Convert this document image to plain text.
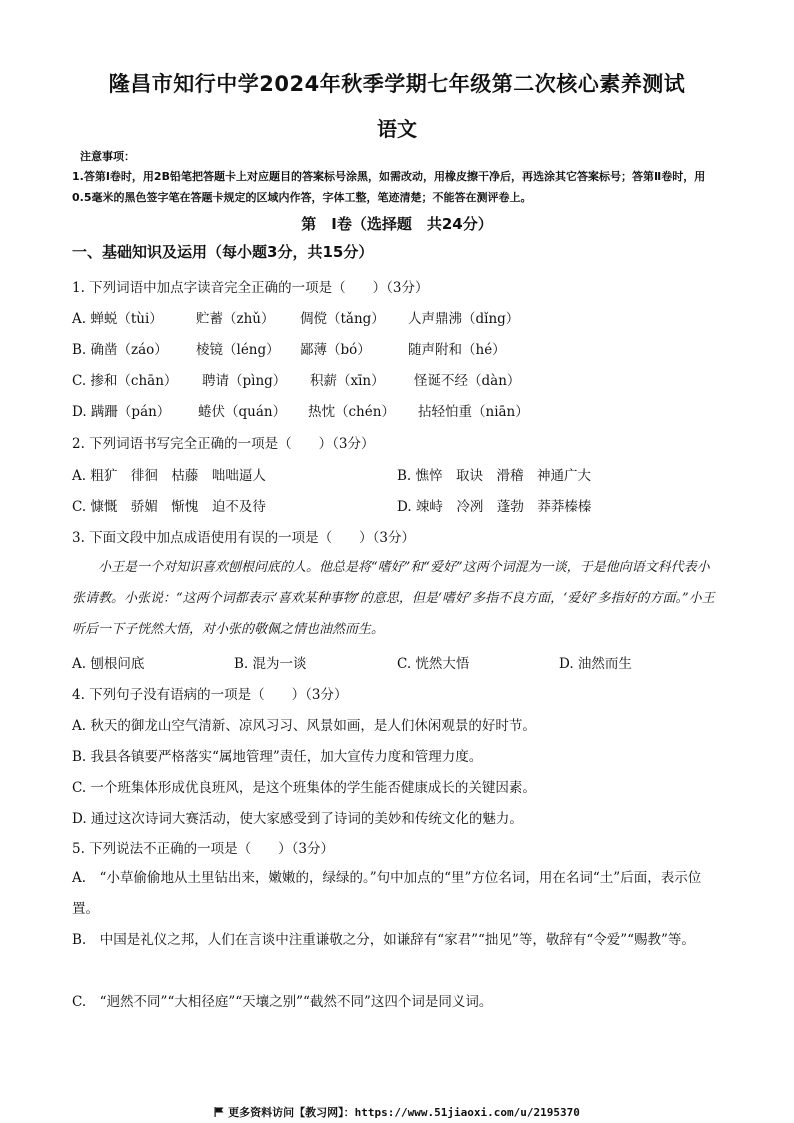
隆昌市知行中学2024年秋季学期七年级第二次核心素养测试
语文
注意事项：
1.答第Ⅰ卷时，用2B铅笔把答题卡上对应题目的答案标号涂黑，如需改动，用橡皮擦干净后，再选涂其它答案标号；答第Ⅱ卷时，用0.5毫米的黑色签字笔在答题卡规定的区域内作答，字体工整，笔迹清楚；不能答在测评卷上。
第　Ⅰ卷（选择题　共24分）
一、基础知识及运用（每小题3分，共15分）
1. 下列词语中加点字读音完全正确的一项是（　　）（3分）
A. 蝉蜕（tùi） 贮蓄（zhǔ） 倜傥（tǎng） 人声鼎沸（dǐng）
B. 确凿（záo） 棱镜（léng） 鄙薄（bó）	随声附和（hé）
C. 掺和（chān） 聘请（pìng） 积薪（xīn） 怪诞不经（dàn）
D. 蹒跚（pán） 蜷伏（quán） 热忱（chén） 拈轻怕重（niān）
2. 下列词语书写完全正确的一项是（　　）（3分）
A. 粗犷　徘徊　枯藤　咄咄逼人	B. 憔悴　取诀　滑稽　神通广大
C. 慷慨　骄媚　惭愧　迫不及待	D. 竦峙　冷冽　蓬勃　莽莽榛榛
3. 下面文段中加点成语使用有误的一项是（　　）（3分）
小王是一个对知识喜欢刨根问底的人。他总是将“嗜好”和“爱好”这两个词混为一谈，于是他向语文科代表小张请教。小张说：“这两个词都表示‘喜欢某种事物’的意思，但是‘嗜好’多指不良方面，‘爱好’多指好的方面。”小王听后一下子恍然大悟，对小张的敬佩之情也油然而生。
A. 刨根问底	B. 混为一谈	C. 恍然大悟	D. 油然而生
4. 下列句子没有语病的一项是（　　）（3分）
A. 秋天的御龙山空气清新、凉风习习、风景如画，是人们休闲观景的好时节。
B. 我县各镇要严格落实“属地管理”责任，加大宣传力度和管理力度。
C. 一个班集体形成优良班风，是这个班集体的学生能否健康成长的关键因素。
D. 通过这次诗词大赛活动，使大家感受到了诗词的美妙和传统文化的魅力。
5. 下列说法不正确的一项是（　　）（3分）
A.　“小草偷偷地从土里钻出来，嫩嫩的，绿绿的。”句中加点的“里”方位名词，用在名词“土”后面，表示位置。
B.　中国是礼仪之邦，人们在言谈中注重谦敬之分，如谦辞有“家君”“拙见”等，敬辞有“令爱”“赐教”等。
C.　“迥然不同”“大相径庭”“天壤之别”“截然不同”这四个词是同义词。
更多资料访问【教习网】：https://www.51jiaoxi.com/u/2195370
